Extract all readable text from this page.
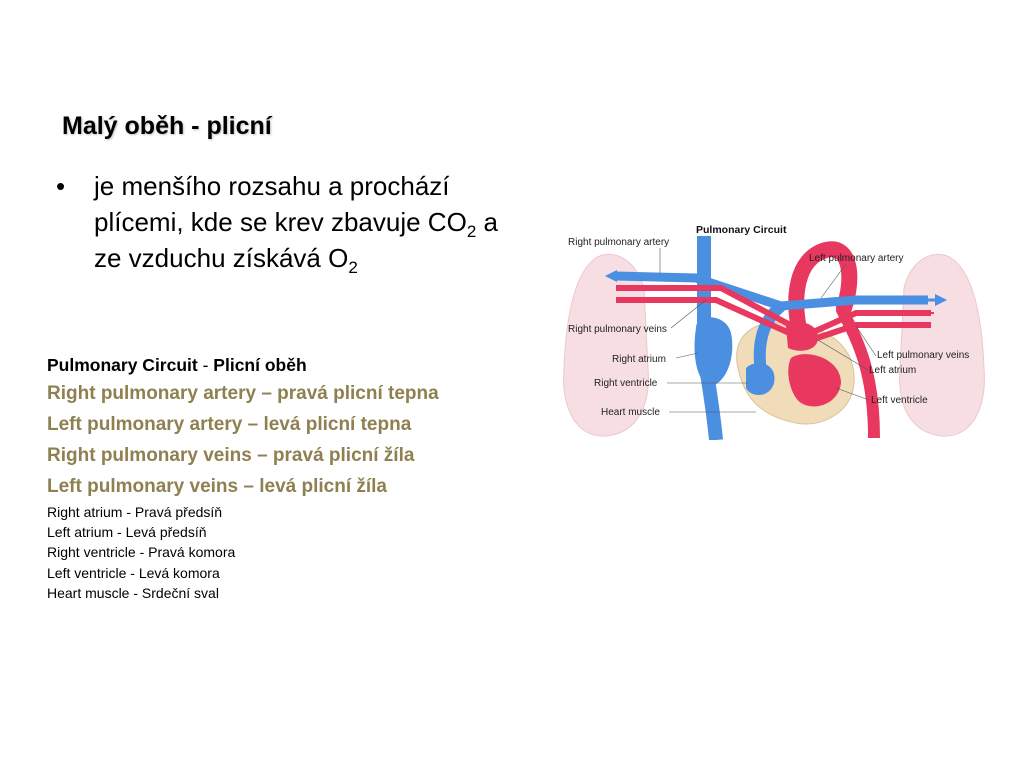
Malý oběh - plicní
•	je menšího rozsahu a prochází plícemi, kde se krev zbavuje $CO_2$ a ze vzduchu získává $O_2$
Pulmonary Circuit - Plicní oběh
Right pulmonary artery – pravá plicní tepna
Left pulmonary artery – levá plicní tepna
Right pulmonary veins – pravá plicní žíla
Left pulmonary veins – levá plicní žíla
Right atrium - Pravá předsíň
Left atrium - Levá předsíň
Right ventricle - Pravá komora
Left ventricle - Levá komora
Heart muscle - Srdeční sval
Pulmonary Circuit
Right pulmonary artery
Left pulmonary artery
Right pulmonary veins
Right atrium	Left pulmonary veins
Left atrium
Right ventricle
Left ventricle
Heart muscle
